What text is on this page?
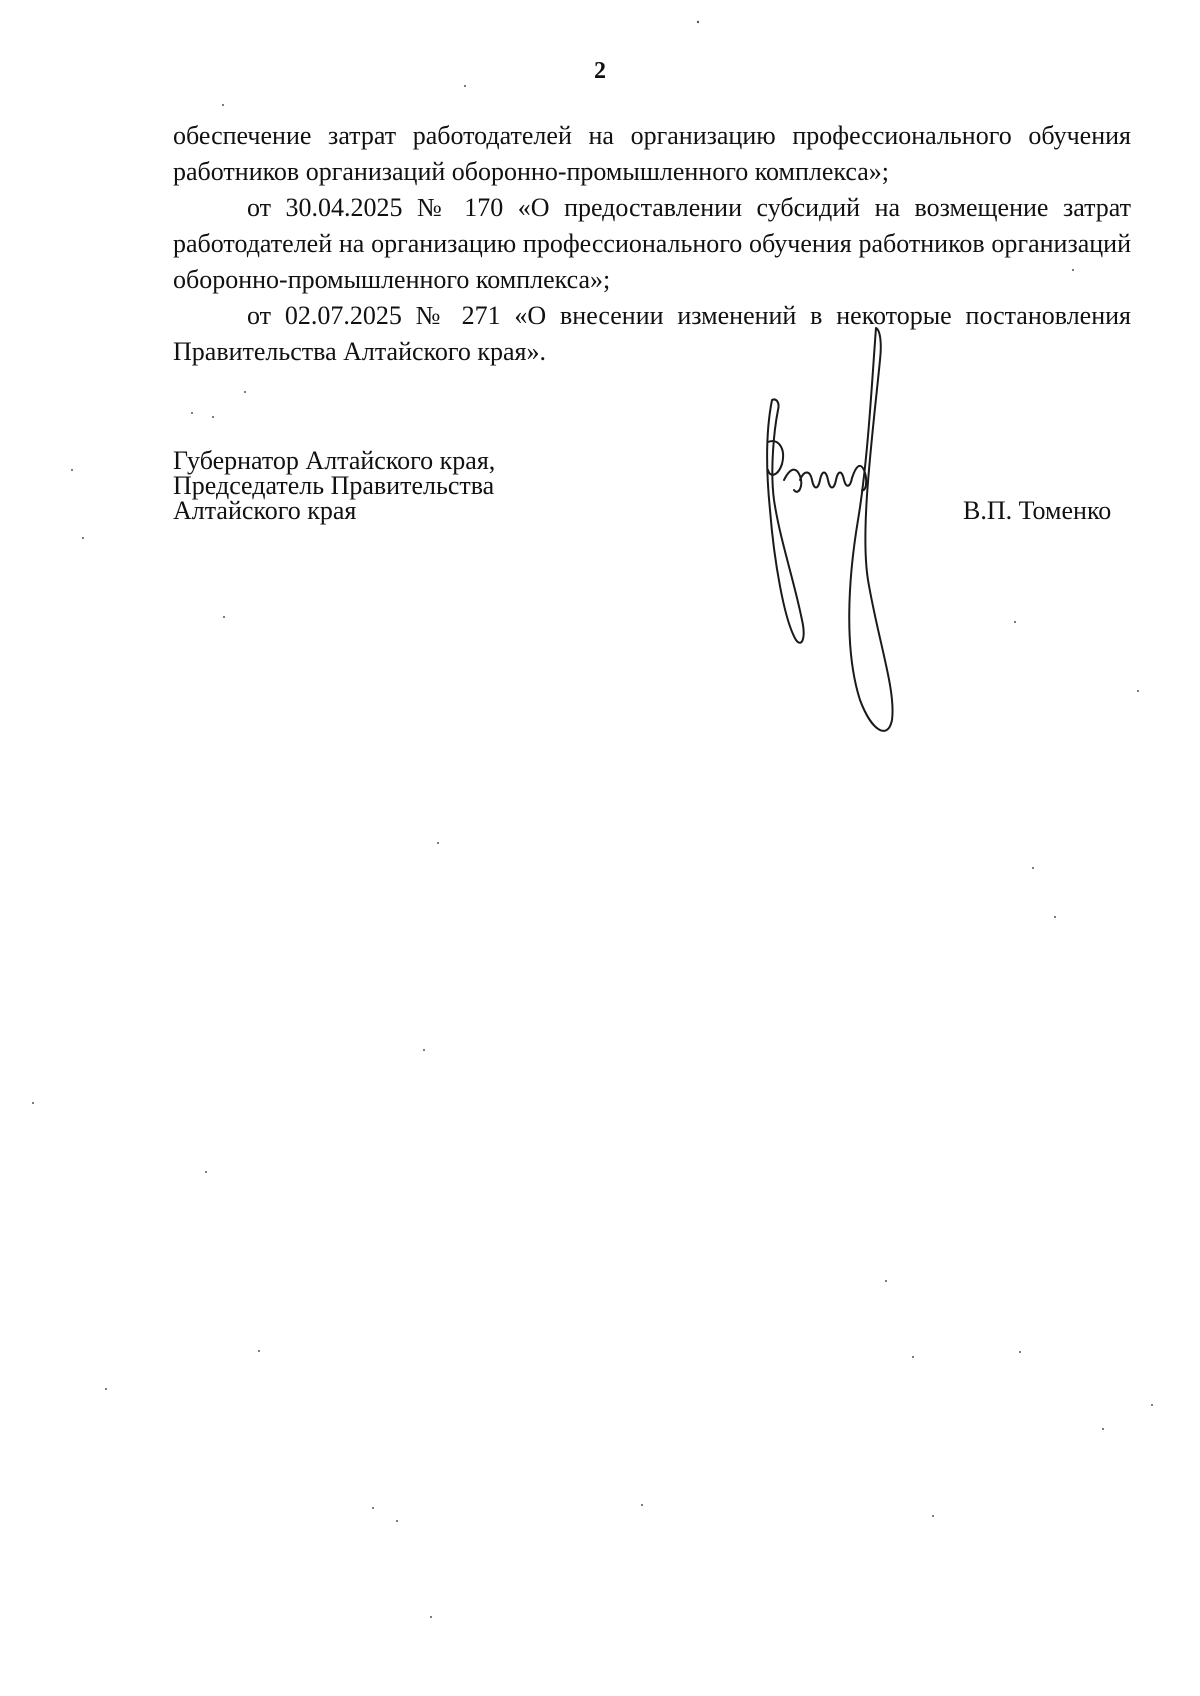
2

обеспечение затрат работодателей на организацию профессионального обучения работников организаций оборонно-промышленного комплекса»;

от 30.04.2025 № 170 «О предоставлении субсидий на возмещение затрат работодателей на организацию профессионального обучения работников организаций оборонно-промышленного комплекса»;

от 02.07.2025 № 271 «О внесении изменений в некоторые постановления Правительства Алтайского края».

Губернатор Алтайского края,
Председатель Правительства
Алтайского края	В.П. Томенко
